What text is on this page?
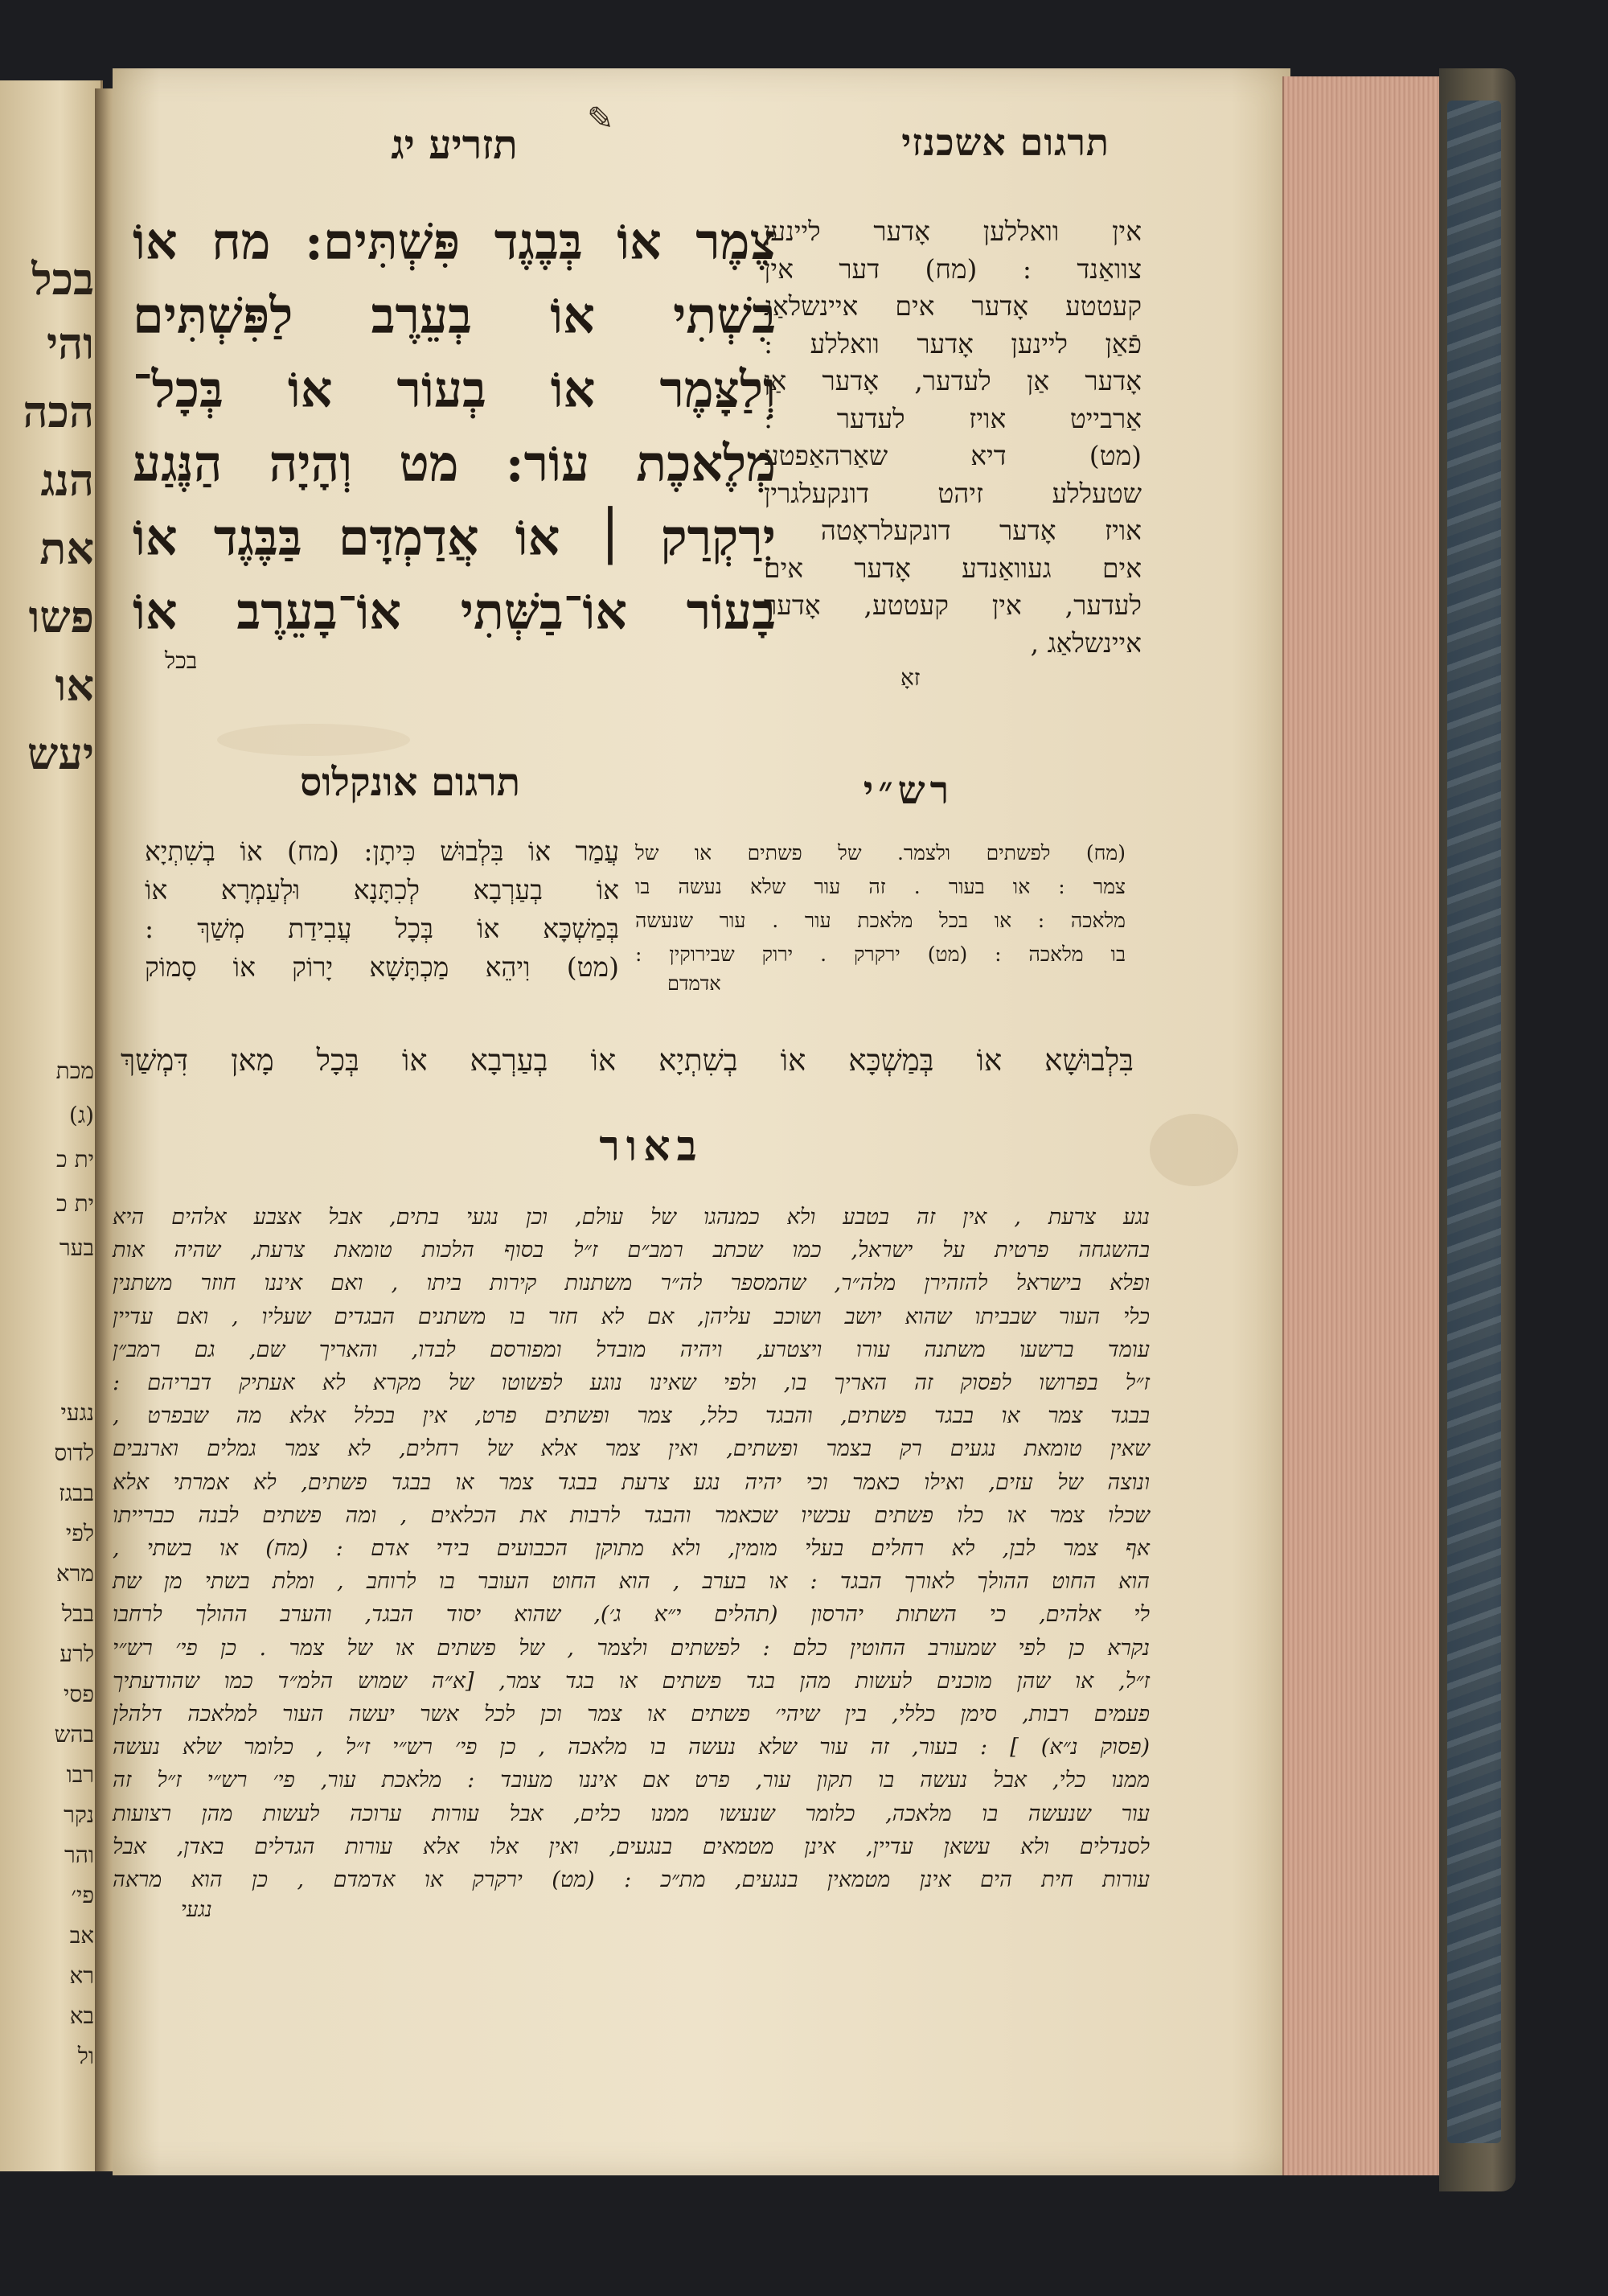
בכל
והי
הכה
הנג
את
פשו
או
יעש
מכת
(ג)
ית כ
ית כ
בער
נגעי
לדוס
בבגז
לפי
מרא
בבל
לרע
פסי
בהש
רבו
נקר
והר
פי׳
אב
רא
בא
ול
תזריע יג
✎
תרגום אשכנזי
צֶמֶר אוֹ בְּבֶגֶד פִּשְׁתִּים: מח אוֹ
בִשְׁתִי אוֹ בְעֵרֶב לַפִּשְׁתִּים
וְלַצָּמֶר אוֹ בְעוֹר אוֹ בְּכָל־
מְלֶאכֶת עוֹר: מט וְהָיָה הַנֶּגַע
יְרַקְרַק ׀ אוֹ אֲדַמְדָּם בַּבֶּגֶד אוֹ
בָעוֹר אוֹ־בַשְּׁתִי אוֹ־בָעֵרֶב אוֹ
בכל
אין וואללען אָדער ליינען
צוואַנד : (מח) דער אין
קעטטע אָדער אים איינשלאַג
פֿאַן ליינען אָדער וואללע :
אָדער אַן לעדער, אָדער אַן
אַרבייט אויז לעדער :
(מט) דיא שאַרהאַפטע
שטעללע זיהט דונקעלגרין
אויז אָדער דונקעלראָטה ,
אים געוואַנדע אָדער אים
לעדער, אין קעטטע, אָדער
איינשלאַג ,
זאָ
רש״י
תרגום אונקלוס
(מח) לפשתים ולצמר. של פשתים או של
צמר : או בעור . זה עור שלא נעשה בו
מלאכה : או בכל מלאכת עור . עור שנעשה
בו מלאכה : (מט) ירקרק . ירוק שבירוקין :
אדמדם
עֲמַר אוֹ בִּלְבוּשׁ כִּיתָן: (מח) אוֹ בְשִׁתְיָא
אוֹ בְעַרְבָא לְכִתָּנָא וּלְעַמְרָא אוֹ
בְּמַשְׁכָּא אוֹ בְּכָל עֲבִידַת מְשַׁךְ :
(מט) וִיהֵא מַכְתָּשָׁא יָרוֹק אוֹ סָמוֹק
בִּלְבוּשָׁא אוֹ בְּמַשְׁכָּא אוֹ בְשִׁתְיָא אוֹ בְעַרְבָא אוֹ בְּכָל מָאן דִּמְשַׁךְ
באור
נגע צרעת , אין זה בטבע ולא כמנהגו של עולם, וכן נגעי בתים, אבל אצבע אלהים היא
בהשגחה פרטית על ישראל, כמו שכתב רמב״ם ז״ל בסוף הלכות טומאת צרעת, שהיה אות
ופלא בישראל להזהירן מלה״ר, שהמספר לה״ר משתנות קירות ביתו , ואם איננו חוזר משתנין
כלי העור שבביתו שהוא יושב ושוכב עליהן, אם לא חזר בו משתנים הבגדים שעליו , ואם עדיין
עומד ברשעו משתנה עורו ויצטרע, ויהיה מובדל ומפורסם לבדו, והאריך שם, גם רמב״ן
ז״ל בפרושו לפסוק זה האריך בו, ולפי שאינו נוגע לפשוטו של מקרא לא אעתיק דבריהם :
בבגד צמר או בבגד פשתים, והבגד כלל, צמר ופשתים פרט, אין בכלל אלא מה שבפרט ,
שאין טומאת נגעים רק בצמר ופשתים, ואין צמר אלא של רחלים, לא צמר גמלים וארנבים
ונוצה של עזים, ואילו כאמר וכי יהיה נגע צרעת בבגד צמר או בבגד פשתים, לא אמרתי אלא
שכלו צמר או כלו פשתים עכשיו שכאמר והבגד לרבות את הכלאים , ומה פשתים לבנה כברייתו
אף צמר לבן, לא רחלים בעלי מומין, ולא מתוקן הכבועים בידי אדם : (מח) או בשתי ,
הוא החוט ההולך לאורך הבגד : או בערב , הוא החוט העובר בו לרוחב , ומלת בשתי מן שת
לי אלהים, כי השתות יהרסון (תהלים י״א ג׳), שהוא יסוד הבגד, והערב ההולך לרחבו
נקרא כן לפי שמעורב החוטין כלם : לפשתים ולצמר , של פשתים או של צמר . כן פי׳ רש״י
ז״ל, או שהן מוכנים לעשות מהן בגד פשתים או בגד צמר, [א״ה שמוש הלמ״ד כמו שהודעתיך
פעמים רבות, סימן כללי, בין שיהי׳ פשתים או צמר וכן לכל אשר יעשה העור למלאכה דלהלן
(פסוק נ״א) ] : בעור, זה עור שלא נעשה בו מלאכה , כן פי׳ רש״י ז״ל , כלומר שלא נעשה
ממנו כלי, אבל נעשה בו תקון עור, פרט אם איננו מעובד : מלאכת עור, פי׳ רש״י ז״ל זה
עור שנעשה בו מלאכה, כלומר שנעשו ממנו כלים, אבל עורות ערוכה לעשות מהן רצועות
לסנדלים ולא עשאן עדיין, אינן מטמאים בנגעים, ואין אלו אלא עורות הגדלים באדן, אבל
עורות חית הים אינן מטמאין בנגעים, מת״כ : (מט) ירקרק או אדמדם , כן הוא מראה
נגעי
